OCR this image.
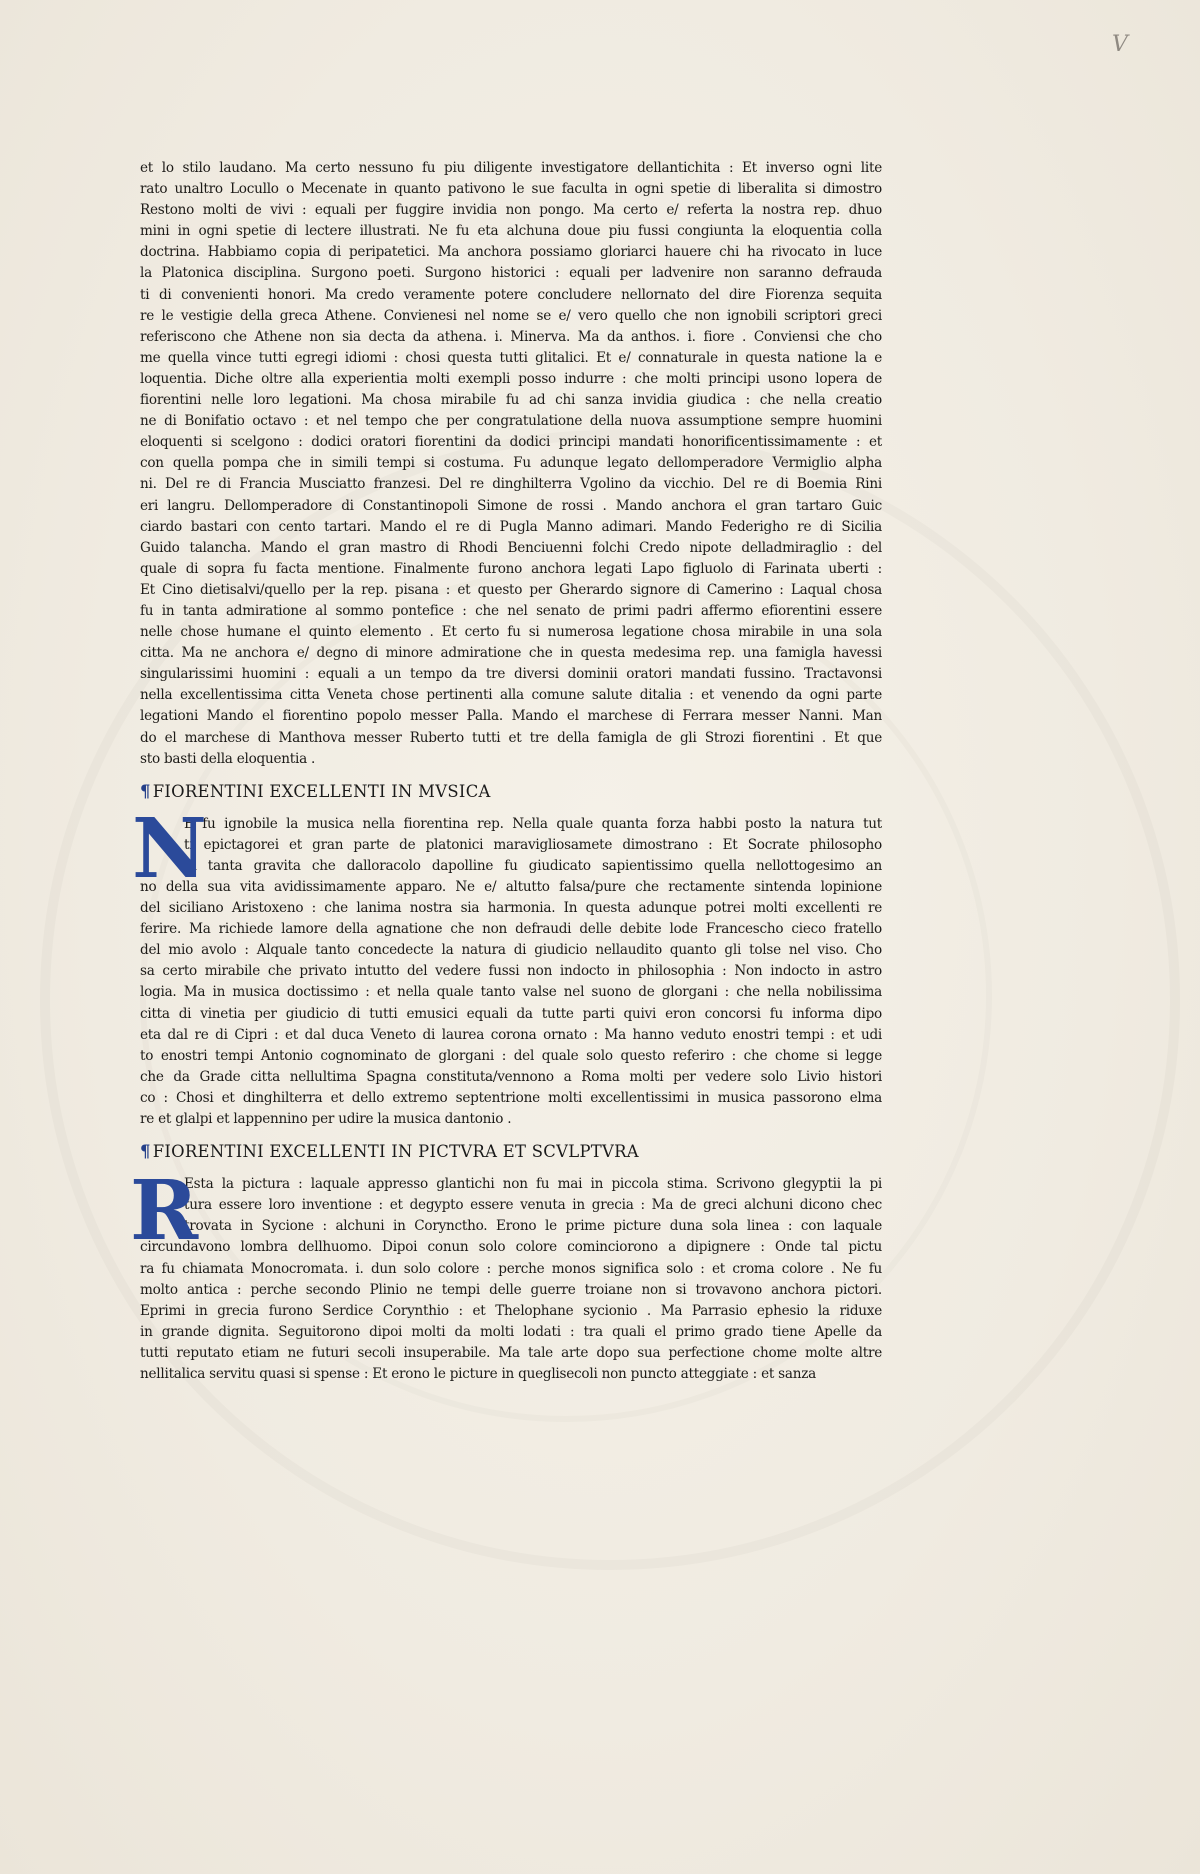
V
et lo stilo laudano. Ma certo nessuno fu piu diligente investigatore dellantichita : Et inverso ogni lite
rato unaltro Locullo o Mecenate in quanto pativono le sue faculta in ogni spetie di liberalita si dimostro
Restono molti de vivi : equali per fuggire invidia non pongo. Ma certo e/ referta la nostra rep. dhuo
mini in ogni spetie di lectere illustrati. Ne fu eta alchuna doue piu fussi congiunta la eloquentia colla
doctrina. Habbiamo copia di peripatetici. Ma anchora possiamo gloriarci hauere chi ha rivocato in luce
la Platonica disciplina. Surgono poeti. Surgono historici : equali per ladvenire non saranno defrauda
ti di convenienti honori. Ma credo veramente potere concludere nellornato del dire Fiorenza sequita
re le vestigie della greca Athene. Convienesi nel nome se e/ vero quello che non ignobili scriptori greci
referiscono che Athene non sia decta da athena. i. Minerva. Ma da anthos. i. fiore . Conviensi che cho
me quella vince tutti egregi idiomi : chosi questa tutti glitalici. Et e/ connaturale in questa natione la e
loquentia. Diche oltre alla experientia molti exempli posso indurre : che molti principi usono lopera de
fiorentini nelle loro legationi. Ma chosa mirabile fu ad chi sanza invidia giudica : che nella creatio
ne di Bonifatio octavo : et nel tempo che per congratulatione della nuova assumptione sempre huomini
eloquenti si scelgono : dodici oratori fiorentini da dodici principi mandati honorificentissimamente : et
con quella pompa che in simili tempi si costuma. Fu adunque legato dellomperadore Vermiglio alpha
ni. Del re di Francia Musciatto franzesi. Del re dinghilterra Vgolino da vicchio. Del re di Boemia Rini
eri langru. Dellomperadore di Constantinopoli Simone de rossi . Mando anchora el gran tartaro Guic
ciardo bastari con cento tartari. Mando el re di Pugla Manno adimari. Mando Federigho re di Sicilia
Guido talancha. Mando el gran mastro di Rhodi Benciuenni folchi Credo nipote delladmiraglio : del
quale di sopra fu facta mentione. Finalmente furono anchora legati Lapo figluolo di Farinata uberti :
Et Cino dietisalvi/quello per la rep. pisana : et questo per Gherardo signore di Camerino : Laqual chosa
fu in tanta admiratione al sommo pontefice : che nel senato de primi padri affermo efiorentini essere
nelle chose humane el quinto elemento . Et certo fu si numerosa legatione chosa mirabile in una sola
citta. Ma ne anchora e/ degno di minore admiratione che in questa medesima rep. una famigla havessi
singularissimi huomini : equali a un tempo da tre diversi dominii oratori mandati fussino. Tractavonsi
nella excellentissima citta Veneta chose pertinenti alla comune salute ditalia : et venendo da ogni parte
legationi Mando el fiorentino popolo messer Palla. Mando el marchese di Ferrara messer Nanni. Man
do el marchese di Manthova messer Ruberto tutti et tre della famigla de gli Strozi fiorentini . Et que
sto basti della eloquentia .
¶ FIORENTINI EXCELLENTI IN MVSICA
N
E fu ignobile la musica nella fiorentina rep. Nella quale quanta forza habbi posto la natura tut
ti epictagorei et gran parte de platonici maravigliosamete dimostrano : Et Socrate philosopho
di tanta gravita che dalloracolo dapolline fu giudicato sapientissimo quella nellottogesimo an
no della sua vita avidissimamente apparo. Ne e/ altutto falsa/pure che rectamente sintenda lopinione
del siciliano Aristoxeno : che lanima nostra sia harmonia. In questa adunque potrei molti excellenti re
ferire. Ma richiede lamore della agnatione che non defraudi delle debite lode Francescho cieco fratello
del mio avolo : Alquale tanto concedecte la natura di giudicio nellaudito quanto gli tolse nel viso. Cho
sa certo mirabile che privato intutto del vedere fussi non indocto in philosophia : Non indocto in astro
logia. Ma in musica doctissimo : et nella quale tanto valse nel suono de glorgani : che nella nobilissima
citta di vinetia per giudicio di tutti emusici equali da tutte parti quivi eron concorsi fu informa dipo
eta dal re di Cipri : et dal duca Veneto di laurea corona ornato : Ma hanno veduto enostri tempi : et udi
to enostri tempi Antonio cognominato de glorgani : del quale solo questo referiro : che chome si legge
che da Grade citta nellultima Spagna constituta/vennono a Roma molti per vedere solo Livio histori
co : Chosi et dinghilterra et dello extremo septentrione molti excellentissimi in musica passorono elma
re et glalpi et lappennino per udire la musica dantonio .
¶ FIORENTINI EXCELLENTI IN PICTVRA ET SCVLPTVRA
R
Esta la pictura : laquale appresso glantichi non fu mai in piccola stima. Scrivono glegyptii la pi
tura essere loro inventione : et degypto essere venuta in grecia : Ma de greci alchuni dicono chec
trovata in Sycione : alchuni in Corynctho. Erono le prime picture duna sola linea : con laquale
circundavono lombra dellhuomo. Dipoi conun solo colore cominciorono a dipignere : Onde tal pictu
ra fu chiamata Monocromata. i. dun solo colore : perche monos significa solo : et croma colore . Ne fu
molto antica : perche secondo Plinio ne tempi delle guerre troiane non si trovavono anchora pictori.
Eprimi in grecia furono Serdice Corynthio : et Thelophane sycionio . Ma Parrasio ephesio la riduxe
in grande dignita. Seguitorono dipoi molti da molti lodati : tra quali el primo grado tiene Apelle da
tutti reputato etiam ne futuri secoli insuperabile. Ma tale arte dopo sua perfectione chome molte altre
nellitalica servitu quasi si spense : Et erono le picture in queglisecoli non puncto atteggiate : et sanza
